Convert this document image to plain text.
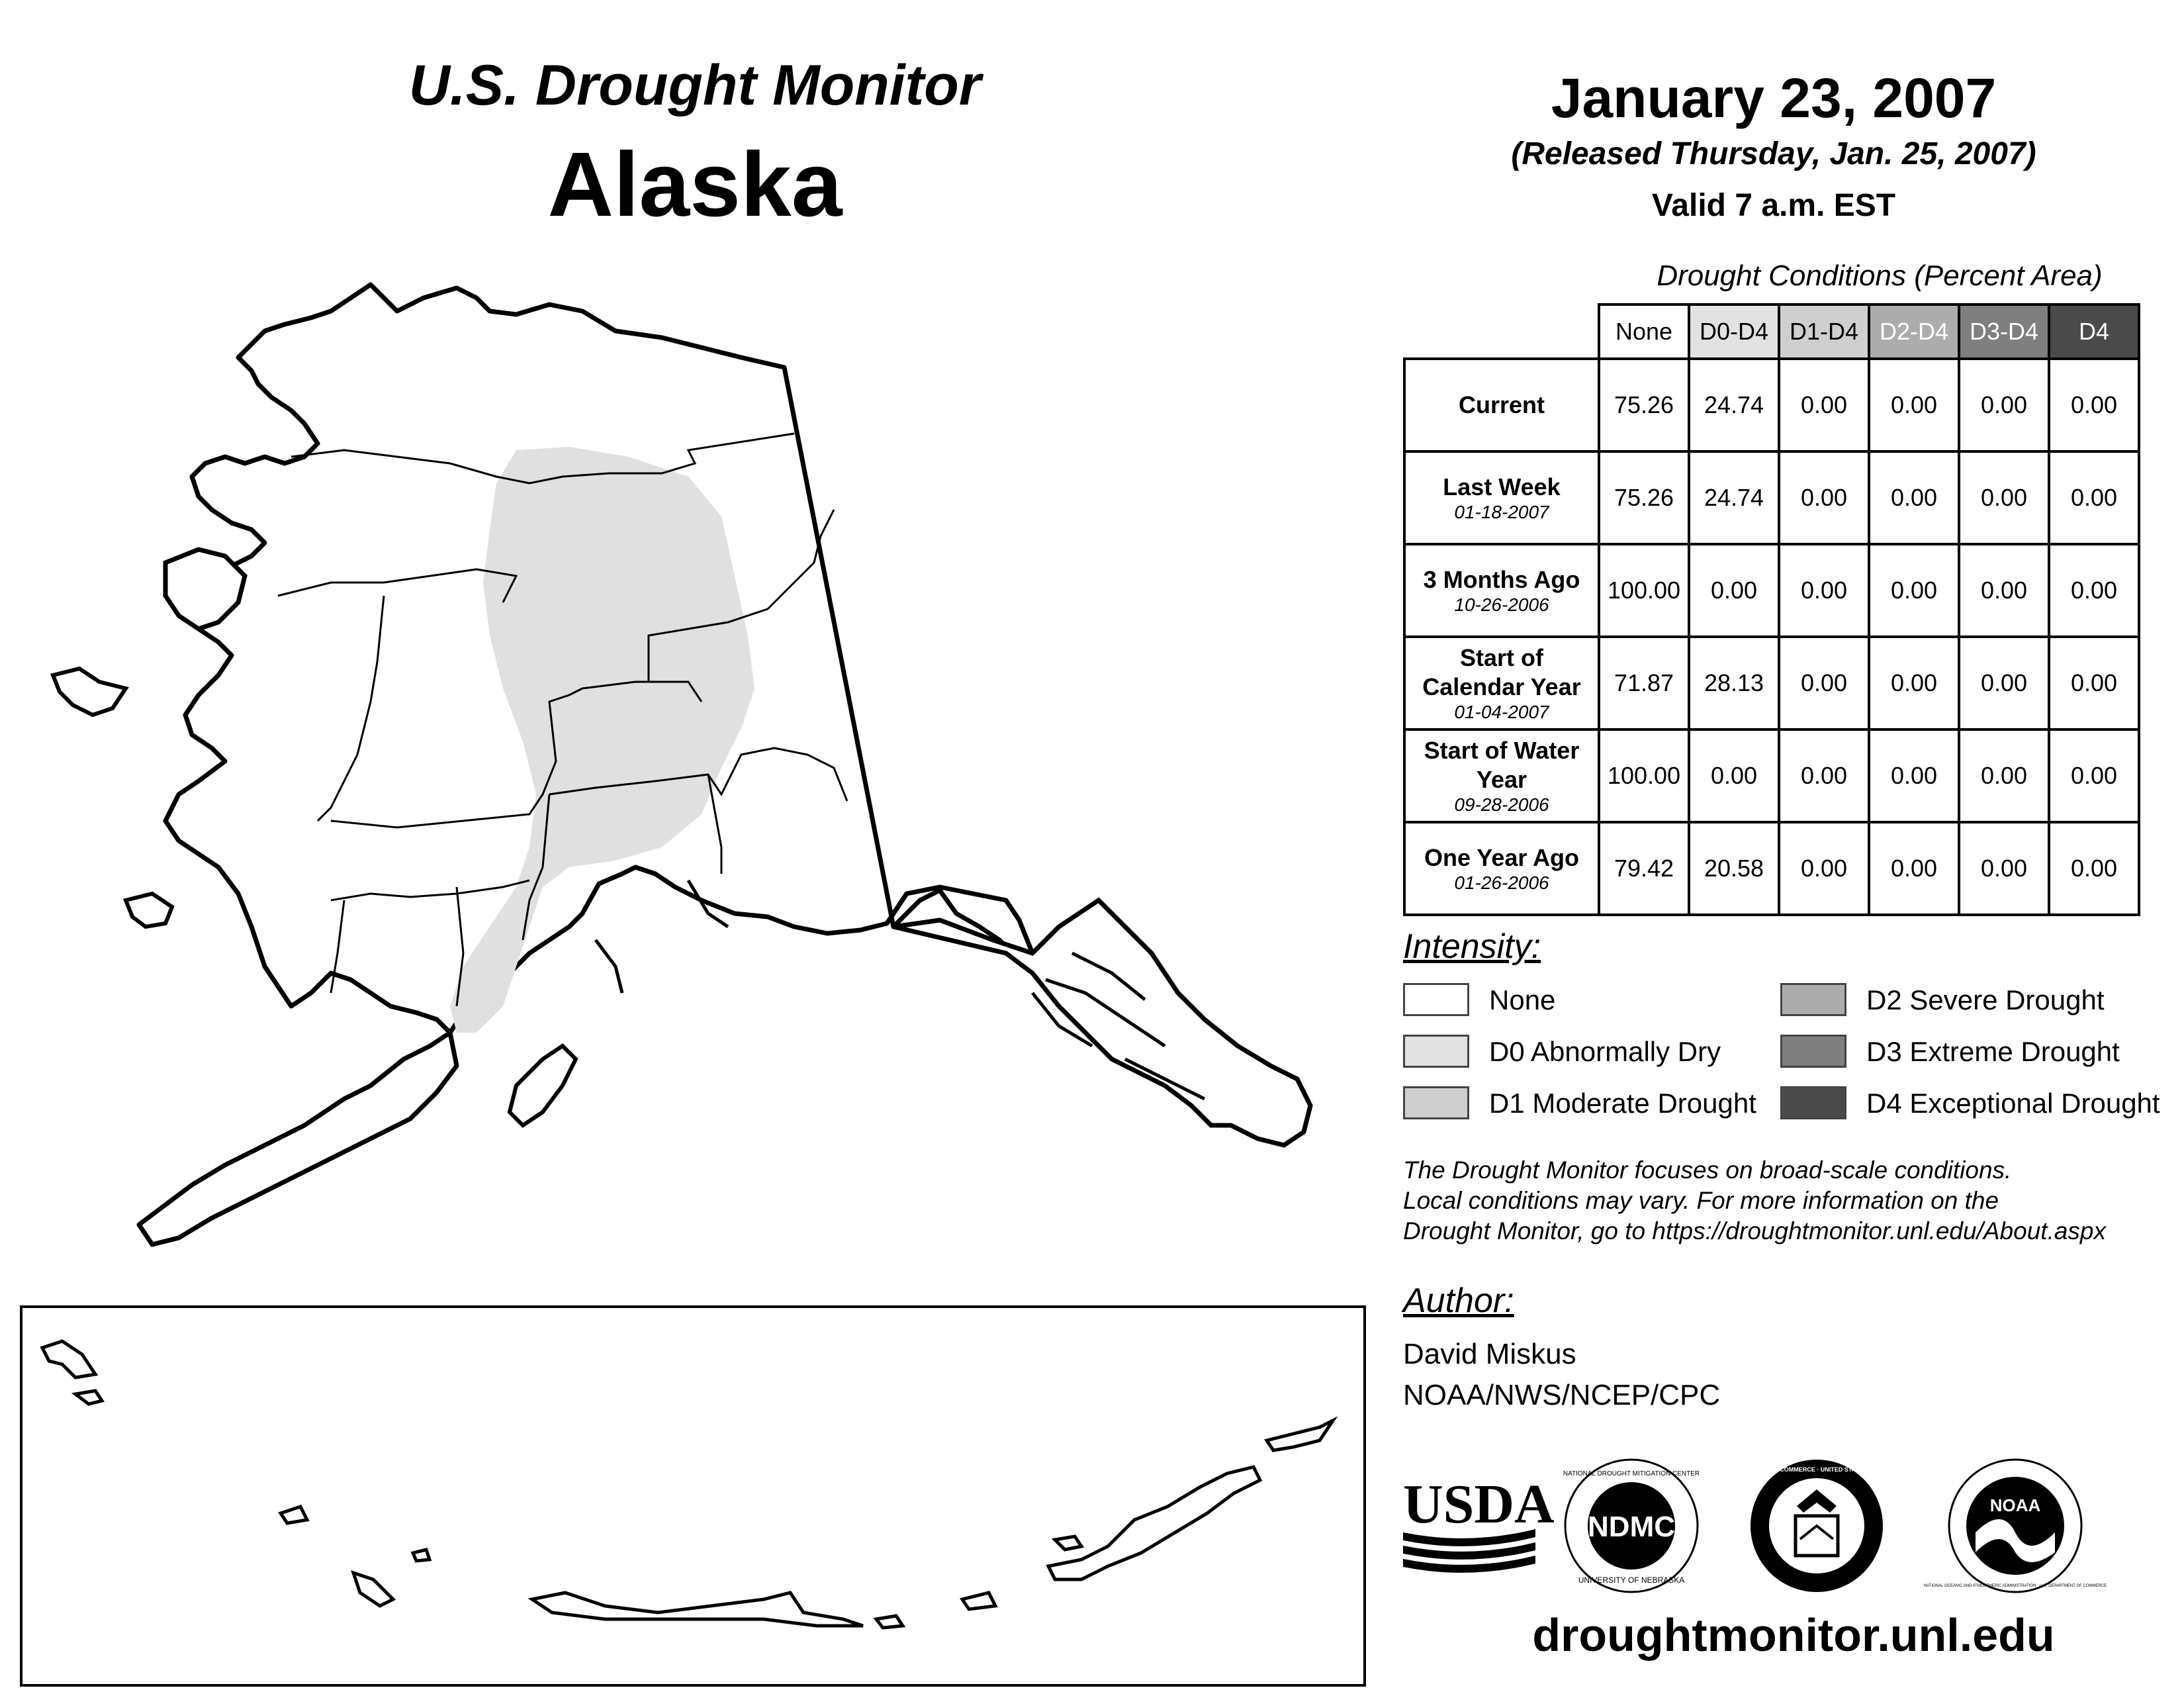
U.S. Drought Monitor
Alaska
January 23, 2007
(Released Thursday, Jan. 25, 2007)
Valid 7 a.m. EST
Drought Conditions (Percent Area)
	None	D0-D4	D1-D4	D2-D4	D3-D4	D4

Current	75.26	24.74	0.00	0.00	0.00	0.00

Last Week
01-18-2007	75.26	24.74	0.00	0.00	0.00	0.00

3 Months Ago
10-26-2006	100.00	0.00	0.00	0.00	0.00	0.00

Start of Calendar Year
01-04-2007	71.87	28.13	0.00	0.00	0.00	0.00

Start of Water Year
09-28-2006	100.00	0.00	0.00	0.00	0.00	0.00

One Year Ago
01-26-2006	79.42	20.58	0.00	0.00	0.00	0.00
Intensity:
None
D0 Abnormally Dry
D1 Moderate Drought
D2 Severe Drought
D3 Extreme Drought
D4 Exceptional Drought
The Drought Monitor focuses on broad-scale conditions.
Local conditions may vary. For more information on the
Drought Monitor, go to https://droughtmonitor.unl.edu/About.aspx
Author:
David Miskus
NOAA/NWS/NCEP/CPC
USDA NDMC
NATIONAL DROUGHT MITIGATION CENTER
UNIVERSITY OF NEBRASKA
DEPARTMENT OF COMMERCE · UNITED STATES OF AMERICA
NOAA
NATIONAL OCEANIC AND ATMOSPHERIC ADMINISTRATION · U.S. DEPARTMENT OF COMMERCE
droughtmonitor.unl.edu
